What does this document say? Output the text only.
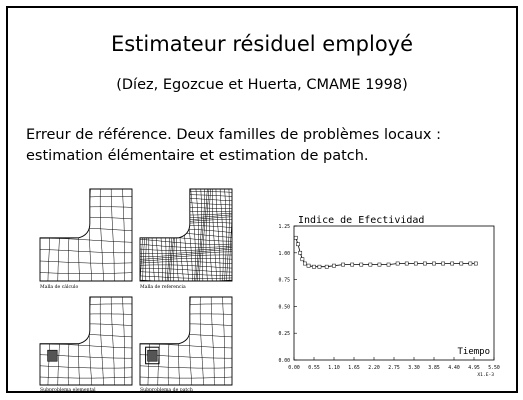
Estimateur résiduel employé
(Díez, Egozcue et Huerta, CMAME 1998)
Erreur de référence. Deux familles de problèmes locaux : estimation élémentaire et estimation de patch.
Malla de cálculo	Malla de referencia
Subproblema elemental	Subproblema de patch
Indice de Efectividad
0.00
0.25
0.50
0.75
1.00
1.25
0.00 0.55 1.10 1.65 2.20 2.75 3.30 3.85 4.40 4.95 5.50
X1.E-3
Tiempo
